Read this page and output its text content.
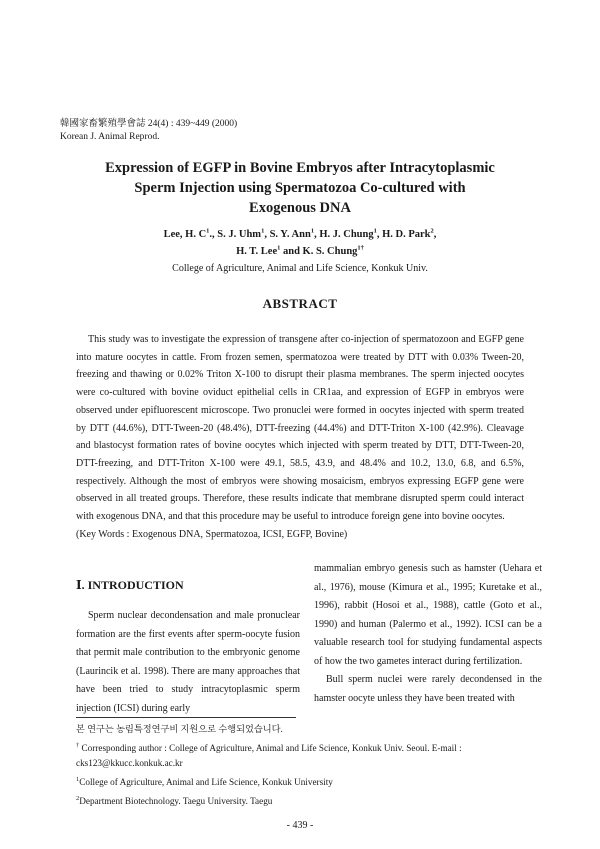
韓國家畜繁殖學會誌 24(4) : 439~449 (2000)
Korean J. Animal Reprod.
Expression of EGFP in Bovine Embryos after Intracytoplasmic
Sperm Injection using Spermatozoa Co-cultured with
Exogenous DNA
Lee, H. $C^1$., S. J. Uhm$^1$, S. Y. Ann$^1$, H. J. Chung$^1$, H. D. Park$^2$,
H. T. Lee$^1$ and K. S. Chung$^{1\dagger}$
College of Agriculture, Animal and Life Science, Konkuk Univ.
ABSTRACT

This study was to investigate the expression of transgene after co-injection of spermatozoon and EGFP gene into mature oocytes in cattle. From frozen semen, spermatozoa were treated by DTT with 0.03% Tween-20, freezing and thawing or 0.02% Triton X-100 to disrupt their plasma membranes. The sperm injected oocytes were co-cultured with bovine oviduct epithelial cells in CR1aa, and expression of EGFP in embryos were observed under epifluorescent microscope. Two pronuclei were formed in oocytes injected with sperm treated by DTT (44.6%), DTT-Tween-20 (48.4%), DTT-freezing (44.4%) and DTT-Triton X-100 (42.9%). Cleavage and blastocyst formation rates of bovine oocytes which injected with sperm treated by DTT, DTT-Tween-20, DTT-freezing, and DTT-Triton X-100 were 49.1, 58.5, 43.9, and 48.4% and 10.2, 13.0, 6.8, and 6.5%, respectively. Although the most of embryos were showing mosaicism, embryos expressing EGFP gene were observed in all treated groups. Therefore, these results indicate that membrane disrupted sperm could interact with exogenous DNA, and that this procedure may be useful to introduce foreign gene into bovine oocytes.

(Key Words : Exogenous DNA, Spermatozoa, ICSI, EGFP, Bovine)

Ⅰ. INTRODUCTION

Sperm nuclear decondensation and male pronuclear formation are the first events after sperm-oocyte fusion that permit male contribution to the embryonic genome (Laurincik et al. 1998). There are many approaches that have been tried to study intracytoplasmic sperm injection (ICSI) during early

mammalian embryo genesis such as hamster (Uehara et al., 1976), mouse (Kimura et al., 1995; Kuretake et al., 1996), rabbit (Hosoi et al., 1988), cattle (Goto et al., 1990) and human (Palermo et al., 1992). ICSI can be a valuable research tool for studying fundamental aspects of how the two gametes interact during fertilization.

Bull sperm nuclei were rarely decondensed in the hamster oocyte unless they have been treated with

본 연구는 농림특정연구비 지원으로 수행되었습니다.
† Corresponding author : College of Agriculture, Animal and Life Science, Konkuk Univ. Seoul. E-mail : cks123@kkucc.konkuk.ac.kr
$^1$College of Agriculture, Animal and Life Science, Konkuk University
$^2$Department Biotechnology. Taegu University. Taegu
- 439 -
